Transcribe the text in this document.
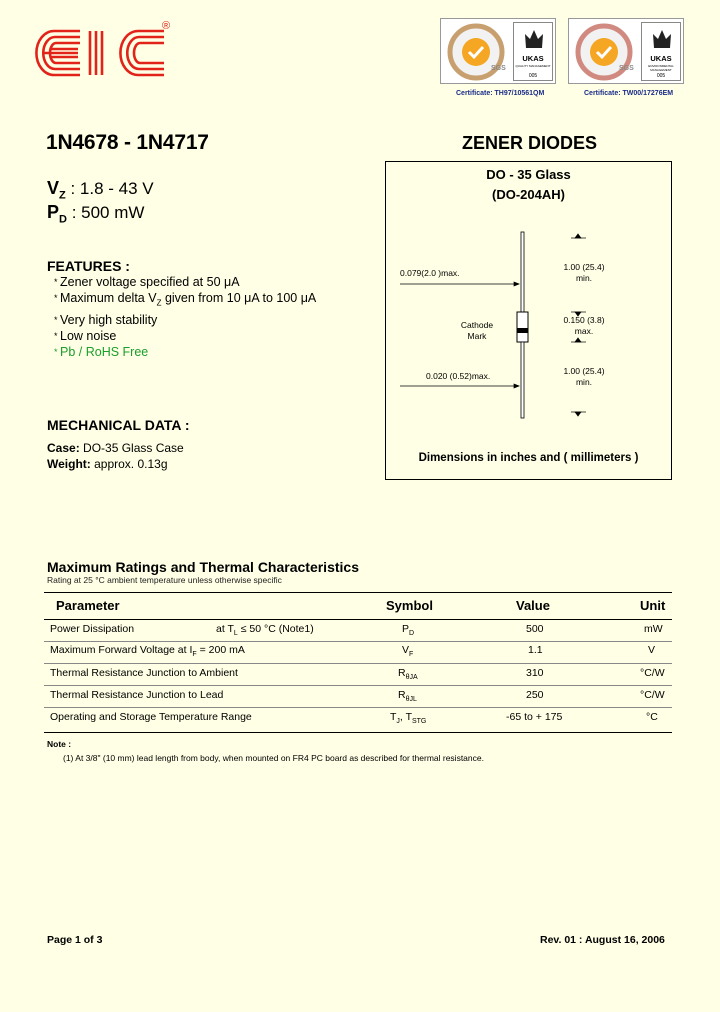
®
SGS
UKAS
QUALITY MANAGEMENT
005
Certificate: TH97/10561QM
SGS
UKAS
ENVIRONMENTAL MANAGEMENT
005
Certificate: TW00/17276EM
1N4678 - 1N4717	ZENER DIODES
$V_Z$ : 1.8 - 43 V
$P_D$ : 500 mW
FEATURES :
* Zener voltage specified at 50 μA
* Maximum delta $V_Z$ given from 10 μA to 100 μA
* Very high stability
* Low noise
* Pb / RoHS Free
MECHANICAL DATA :
Case: DO-35 Glass Case
Weight: approx. 0.13g
DO - 35 Glass
(DO-204AH)
0.079(2.0 )max.
1.00 (25.4)
min.
Cathode
Mark
0.150 (3.8)
max.
0.020 (0.52)max.	1.00 (25.4)
min.
Dimensions in inches and ( millimeters )
Maximum Ratings and Thermal Characteristics
Rating at 25 °C ambient temperature unless otherwise specific
Parameter	Symbol	Value	Unit
Power Dissipation	at $T_L \le 50$ °C (Note1)	$P_D$	500	mW
Maximum Forward Voltage at $I_F = 200$ mA	$V_F$	1.1	V
Thermal Resistance Junction to Ambient	$R_{\theta JA}$	310	°C/W
Thermal Resistance Junction to Lead	$R_{\theta JL}$	250	°C/W
Operating and Storage Temperature Range	$T_J$, $T_{STG}$	-65 to + 175	°C
Note :
(1) At 3/8" (10 mm) lead length from body, when mounted on FR4 PC board as described for thermal resistance.
Page 1 of 3	Rev. 01 : August 16, 2006
